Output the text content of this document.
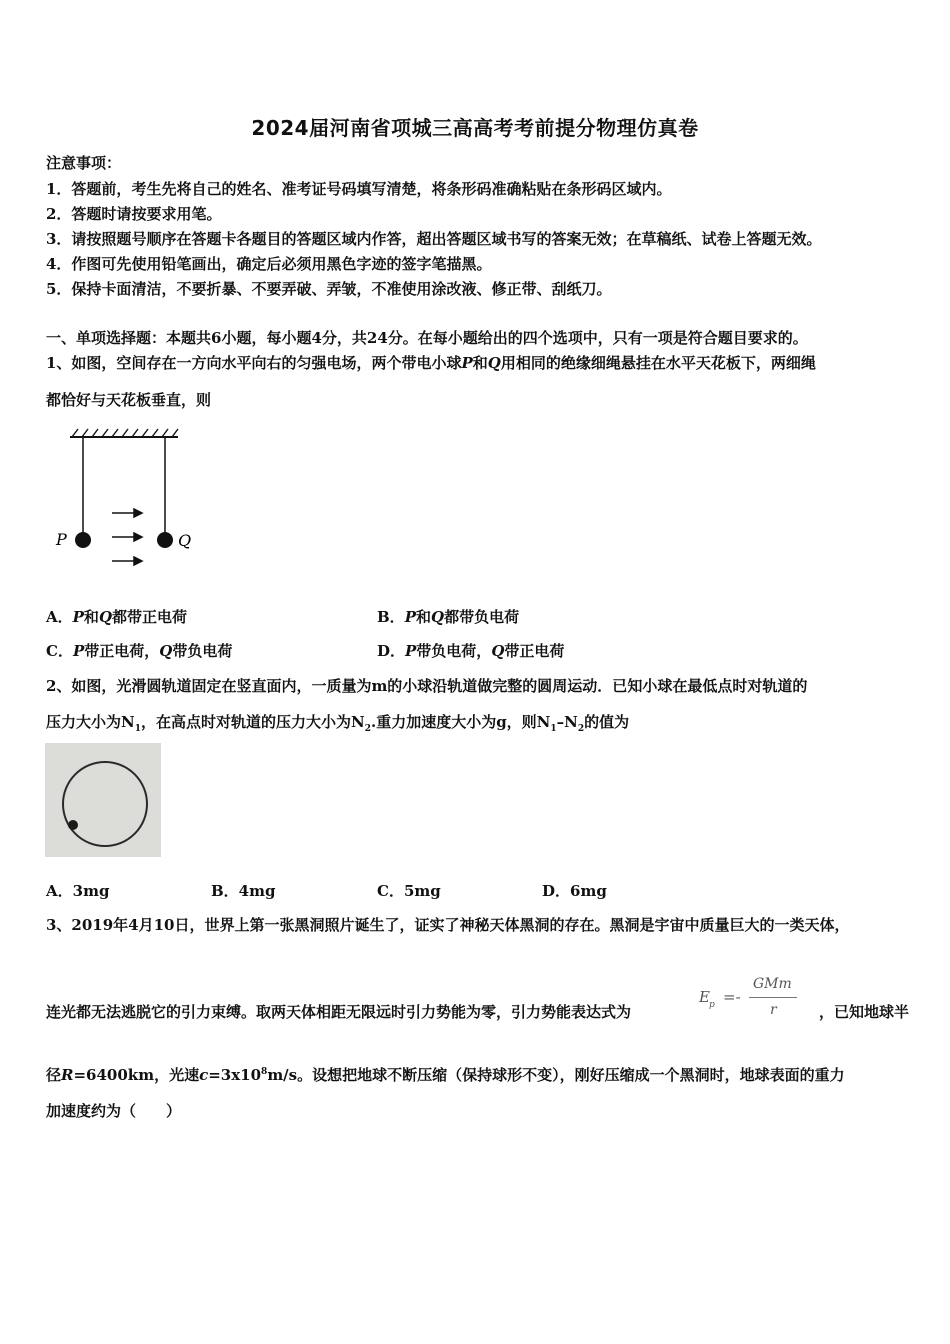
2024届河南省项城三高高考考前提分物理仿真卷
注意事项：
1．答题前，考生先将自己的姓名、准考证号码填写清楚，将条形码准确粘贴在条形码区域内。
2．答题时请按要求用笔。
3．请按照题号顺序在答题卡各题目的答题区域内作答，超出答题区域书写的答案无效；在草稿纸、试卷上答题无效。
4．作图可先使用铅笔画出，确定后必须用黑色字迹的签字笔描黑。
5．保持卡面清洁，不要折暴、不要弄破、弄皱，不准使用涂改液、修正带、刮纸刀。
一、单项选择题：本题共6小题，每小题4分，共24分。在每小题给出的四个选项中，只有一项是符合题目要求的。
1、如图，空间存在一方向水平向右的匀强电场，两个带电小球P和Q用相同的绝缘细绳悬挂在水平天花板下，两细绳
都恰好与天花板垂直，则
P	Q
A．P和Q都带正电荷	B．P和Q都带负电荷
C．P带正电荷，Q带负电荷	D．P带负电荷，Q带正电荷
2、如图，光滑圆轨道固定在竖直面内，一质量为m的小球沿轨道做完整的圆周运动．已知小球在最低点时对轨道的
压力大小为$N_1$，在高点时对轨道的压力大小为$N_2$.重力加速度大小为g，则$N_1-N_2$的值为
A．3mg	B．4mg	C．5mg	D．6mg
3、2019年4月10日，世界上第一张黑洞照片诞生了，证实了神秘天体黑洞的存在。黑洞是宇宙中质量巨大的一类天体，
连光都无法逃脱它的引力束缚。取两天体相距无限远时引力势能为零，引力势能表达式为
E p =-
GMm
r	，已知地球半
径R=6400km，光速$c=3x10^8m/s$。设想把地球不断压缩（保持球形不变），刚好压缩成一个黑洞时，地球表面的重力
加速度约为（　　）
